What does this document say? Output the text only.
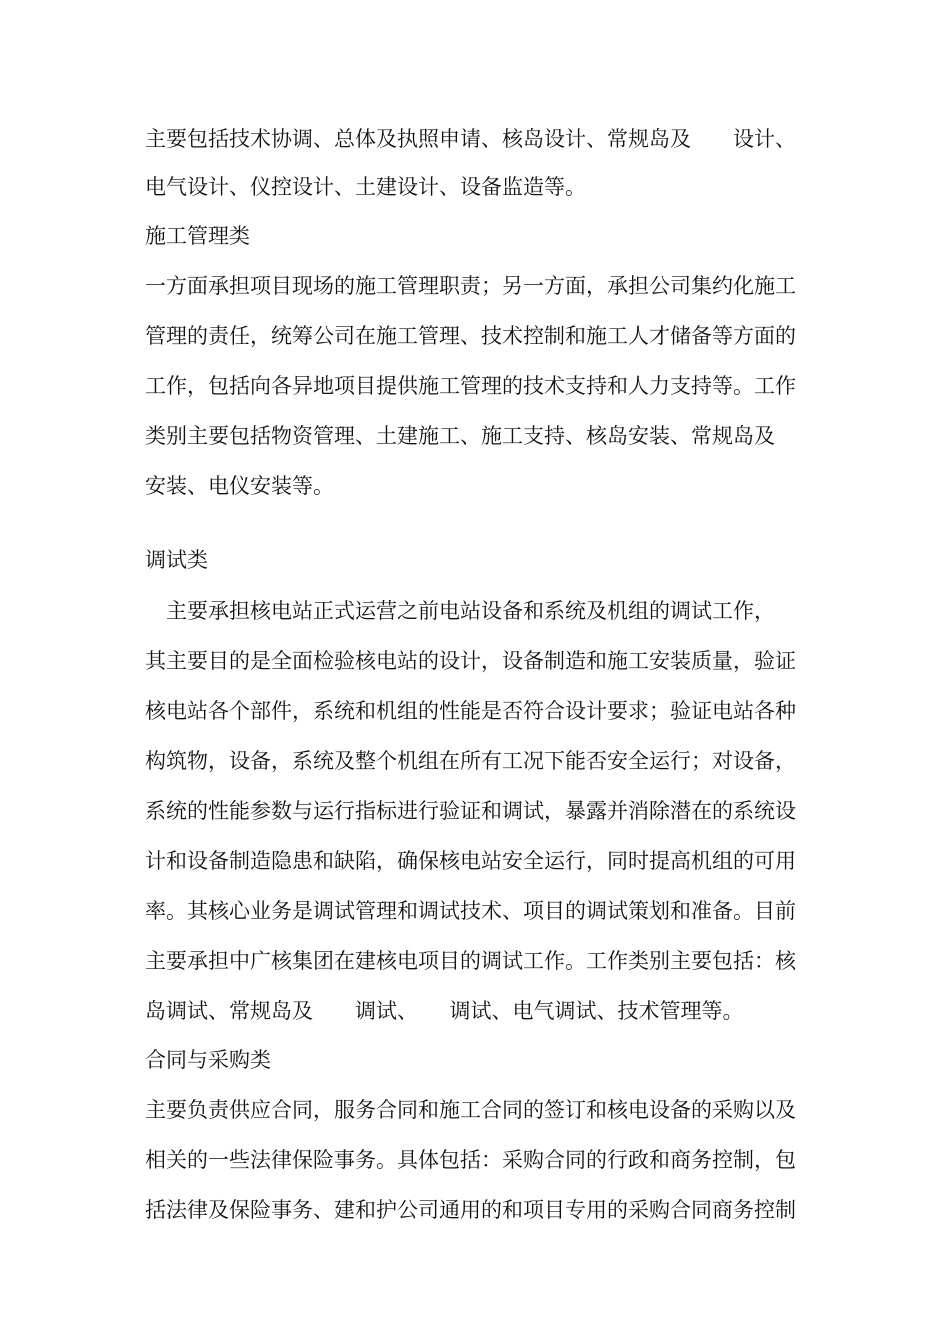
主要包括技术协调、总体及执照申请、核岛设计、常规岛及　　设计、

电气设计、仪控设计、土建设计、设备监造等。

施工管理类

一方面承担项目现场的施工管理职责；另一方面，承担公司集约化施工

管理的责任，统筹公司在施工管理、技术控制和施工人才储备等方面的

工作，包括向各异地项目提供施工管理的技术支持和人力支持等。工作

类别主要包括物资管理、土建施工、施工支持、核岛安装、常规岛及

安装、电仪安装等。

调试类

　主要承担核电站正式运营之前电站设备和系统及机组的调试工作，

其主要目的是全面检验核电站的设计，设备制造和施工安装质量，验证

核电站各个部件，系统和机组的性能是否符合设计要求；验证电站各种

构筑物，设备，系统及整个机组在所有工况下能否安全运行；对设备，

系统的性能参数与运行指标进行验证和调试，暴露并消除潜在的系统设

计和设备制造隐患和缺陷，确保核电站安全运行，同时提高机组的可用

率。其核心业务是调试管理和调试技术、项目的调试策划和准备。目前

主要承担中广核集团在建核电项目的调试工作。工作类别主要包括：核

岛调试、常规岛及　　调试、　　调试、电气调试、技术管理等。

合同与采购类

主要负责供应合同，服务合同和施工合同的签订和核电设备的采购以及

相关的一些法律保险事务。具体包括：采购合同的行政和商务控制，包

括法律及保险事务、建和护公司通用的和项目专用的采购合同商务控制
